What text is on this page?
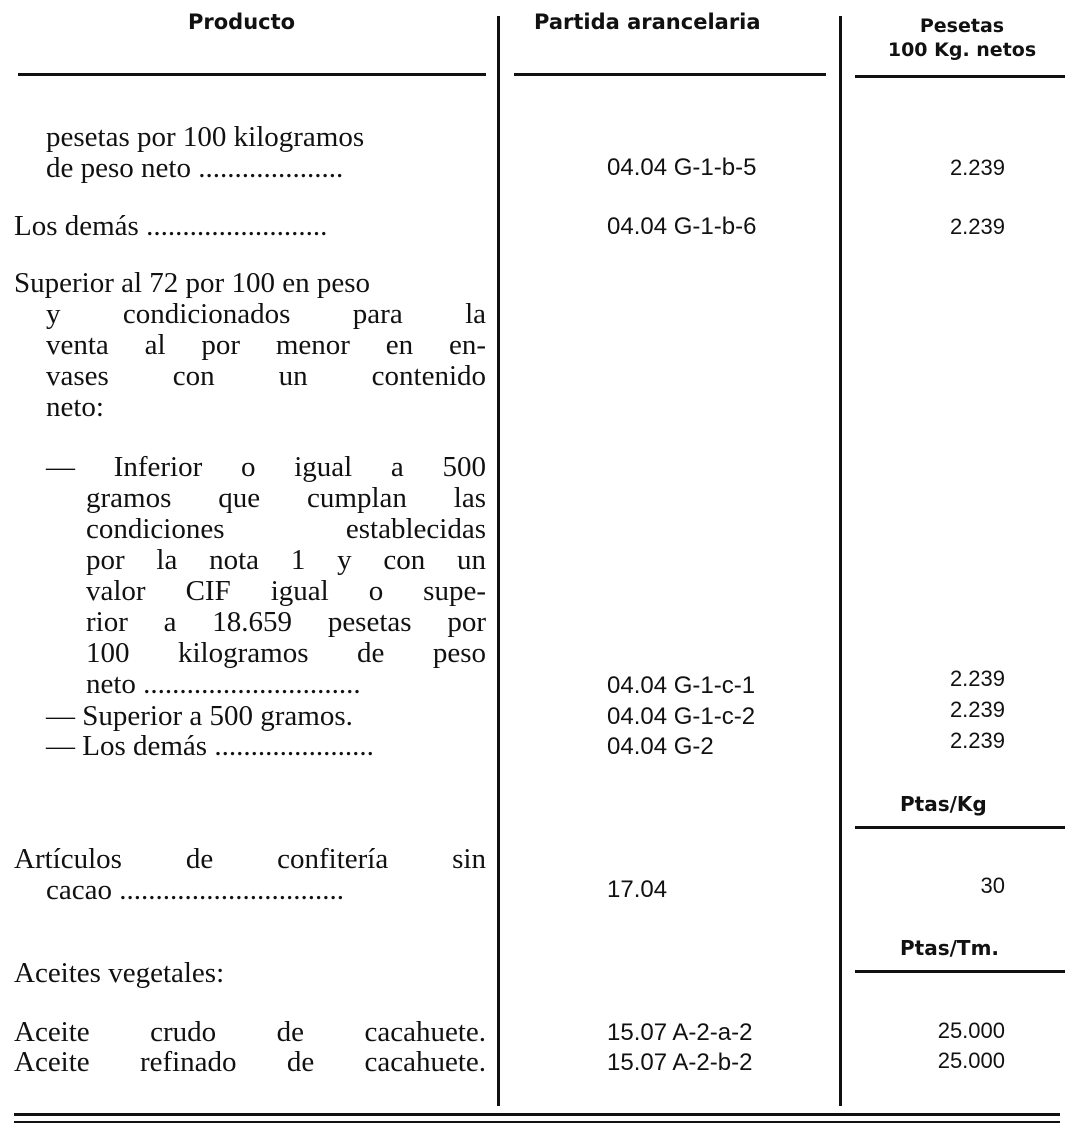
Producto	Partida arancelaria	Pesetas
100 Kg. netos
pesetas por 100 kilogramos
de peso neto ....................	04.04 G-1-b-5	2.239
Los demás .........................	04.04 G-1-b-6	2.239
Superior al 72 por 100 en peso
y condicionados para la
venta al por menor en en-
vases con un contenido
neto:
— Inferior o igual a 500
gramos que cumplan las
condiciones establecidas
por la nota 1 y con un
valor CIF igual o supe-
rior a 18.659 pesetas por
100 kilogramos de peso
neto ..............................	04.04 G-1-c-1	2.239
— Superior a 500 gramos.	04.04 G-1-c-2	2.239
— Los demás ......................	04.04 G-2	2.239
Ptas/Kg
Artículos de confitería sin
cacao ...............................	17.04	30
Ptas/Tm.
Aceites vegetales:
Aceite crudo de cacahuete.	15.07 A-2-a-2	25.000
Aceite refinado de cacahuete.	15.07 A-2-b-2	25.000
